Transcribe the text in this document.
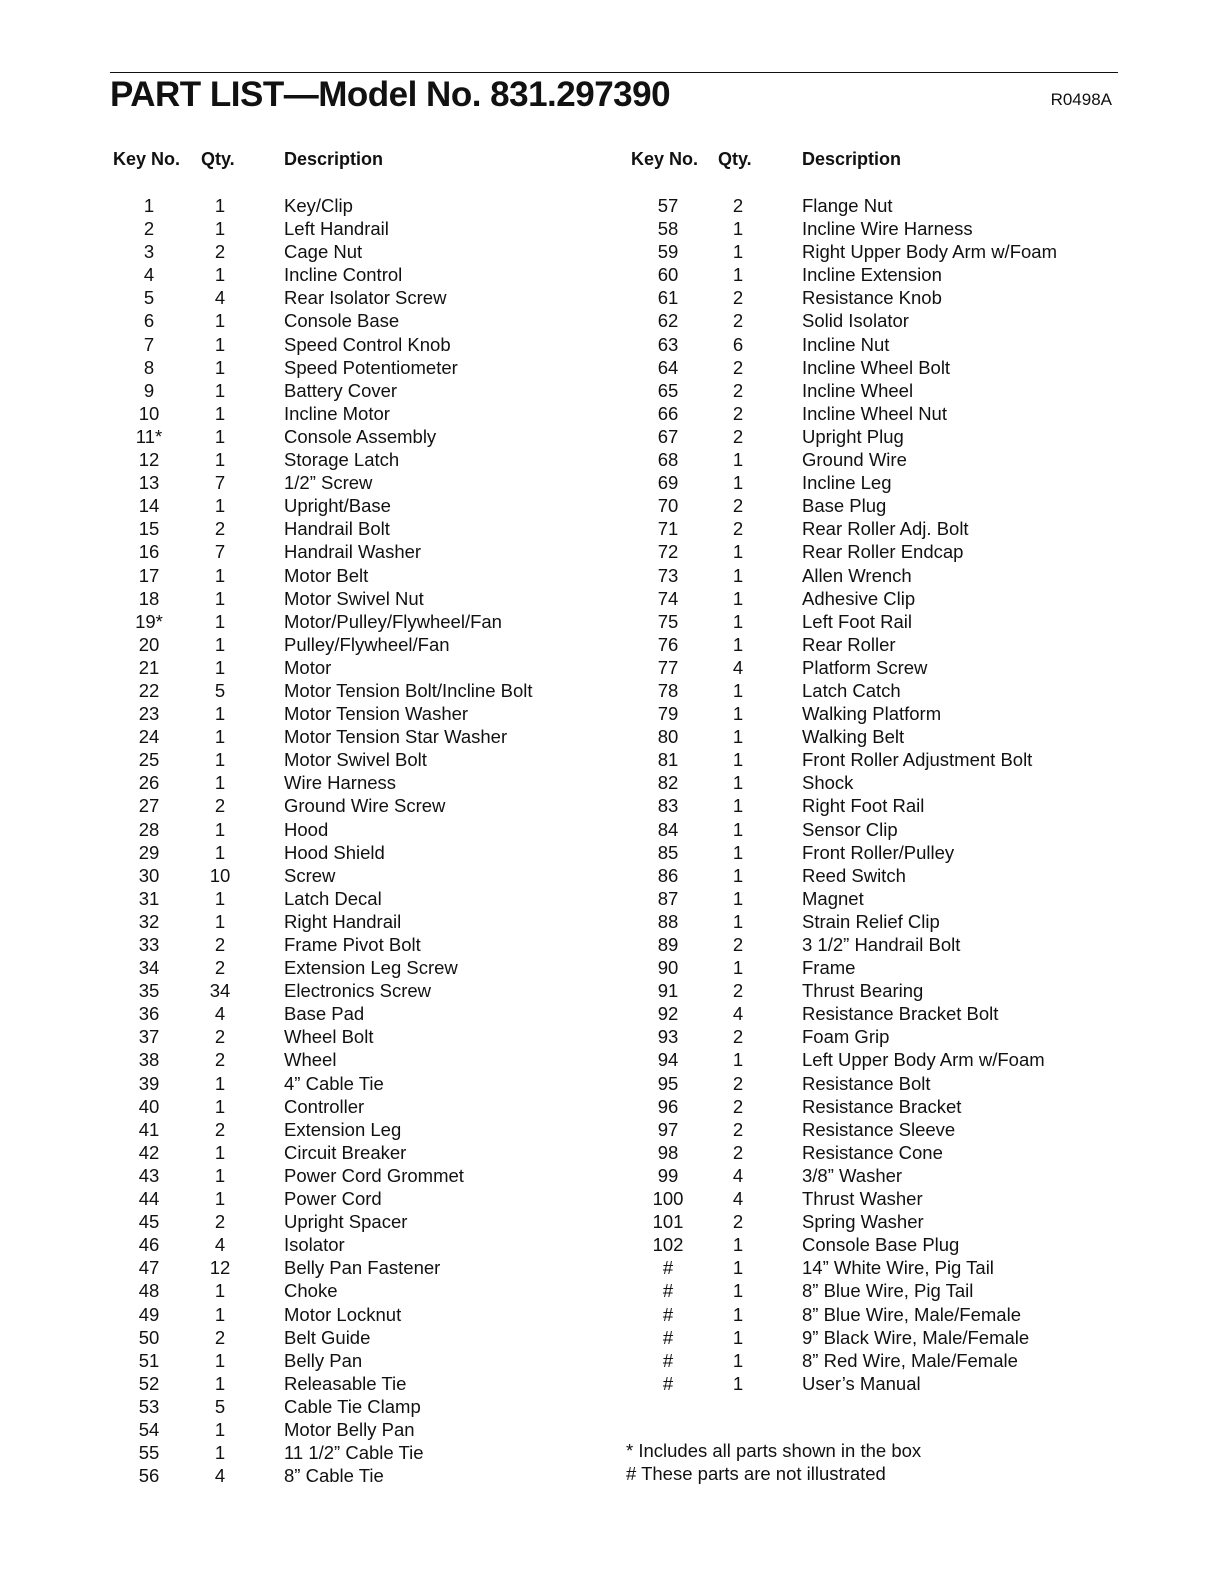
PART LIST—Model No. 831.297390	R0498A
Key No. Qty.	Description
1	1	Key/Clip
2	1	Left Handrail
3	2	Cage Nut
4	1	Incline Control
5	4	Rear Isolator Screw
6	1	Console Base
7	1	Speed Control Knob
8	1	Speed Potentiometer
9	1	Battery Cover
10	1	Incline Motor
11*	1	Console Assembly
12	1	Storage Latch
13	7	1/2” Screw
14	1	Upright/Base
15	2	Handrail Bolt
16	7	Handrail Washer
17	1	Motor Belt
18	1	Motor Swivel Nut
19*	1	Motor/Pulley/Flywheel/Fan
20	1	Pulley/Flywheel/Fan
21	1	Motor
22	5	Motor Tension Bolt/Incline Bolt
23	1	Motor Tension Washer
24	1	Motor Tension Star Washer
25	1	Motor Swivel Bolt
26	1	Wire Harness
27	2	Ground Wire Screw
28	1	Hood
29	1	Hood Shield
30	10	Screw
31	1	Latch Decal
32	1	Right Handrail
33	2	Frame Pivot Bolt
34	2	Extension Leg Screw
35	34	Electronics Screw
36	4	Base Pad
37	2	Wheel Bolt
38	2	Wheel
39	1	4” Cable Tie
40	1	Controller
41	2	Extension Leg
42	1	Circuit Breaker
43	1	Power Cord Grommet
44	1	Power Cord
45	2	Upright Spacer
46	4	Isolator
47	12	Belly Pan Fastener
48	1	Choke
49	1	Motor Locknut
50	2	Belt Guide
51	1	Belly Pan
52	1	Releasable Tie
53	5	Cable Tie Clamp
54	1	Motor Belly Pan
55	1	11 1/2” Cable Tie
56	4	8” Cable Tie
Key No. Qty.	Description
57	2	Flange Nut
58	1	Incline Wire Harness
59	1	Right Upper Body Arm w/Foam
60	1	Incline Extension
61	2	Resistance Knob
62	2	Solid Isolator
63	6	Incline Nut
64	2	Incline Wheel Bolt
65	2	Incline Wheel
66	2	Incline Wheel Nut
67	2	Upright Plug
68	1	Ground Wire
69	1	Incline Leg
70	2	Base Plug
71	2	Rear Roller Adj. Bolt
72	1	Rear Roller Endcap
73	1	Allen Wrench
74	1	Adhesive Clip
75	1	Left Foot Rail
76	1	Rear Roller
77	4	Platform Screw
78	1	Latch Catch
79	1	Walking Platform
80	1	Walking Belt
81	1	Front Roller Adjustment Bolt
82	1	Shock
83	1	Right Foot Rail
84	1	Sensor Clip
85	1	Front Roller/Pulley
86	1	Reed Switch
87	1	Magnet
88	1	Strain Relief Clip
89	2	3 1/2” Handrail Bolt
90	1	Frame
91	2	Thrust Bearing
92	4	Resistance Bracket Bolt
93	2	Foam Grip
94	1	Left Upper Body Arm w/Foam
95	2	Resistance Bolt
96	2	Resistance Bracket
97	2	Resistance Sleeve
98	2	Resistance Cone
99	4	3/8” Washer
100	4	Thrust Washer
101	2	Spring Washer
102	1	Console Base Plug
#	1	14” White Wire, Pig Tail
#	1	8” Blue Wire, Pig Tail
#	1	8” Blue Wire, Male/Female
#	1	9” Black Wire, Male/Female
#	1	8” Red Wire, Male/Female
#	1	User’s Manual
* Includes all parts shown in the box
# These parts are not illustrated
